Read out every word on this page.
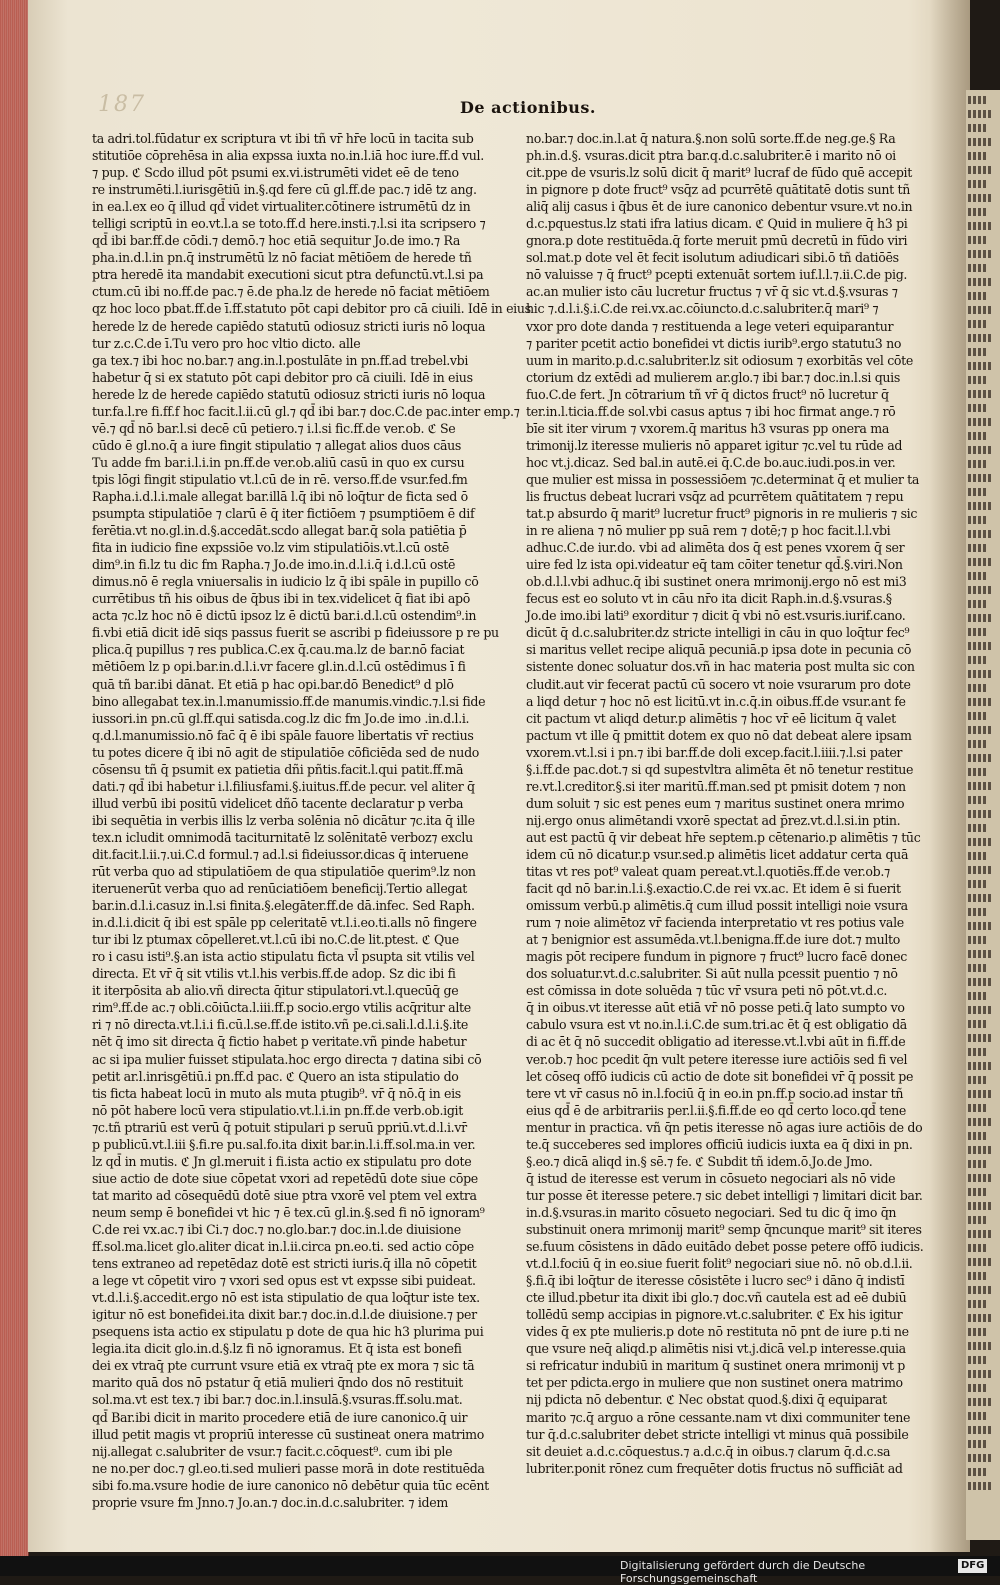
187	De actionibus.
ta adri.tol.fūdatur ex scriptura vt ibi tñ vr̄ hr̄e locū in tacita sub
stitutiōe cōprehēsa in alia expssa iuxta no.in.l.iā hoc iure.ff.d vul.
⁊ pup. ℭ Scdo illud pōt psumi ex.vi.istrumēti videt eē de teno
re instrumēti.l.iurisgētiū in.§.qd fere cū gl.ff.de pac.⁊ idē tz ang.
in ea.l.ex eo q̄ illud qd̄ videt virtualiter.cōtinere istrumētū dz in
telligi scriptū in eo.vt.l.a se toto.ff.d here.insti.⁊.l.si ita scripsero ⁊
qd̄ ibi bar.ff.de cōdi.⁊ demō.⁊ hoc etiā sequitur Jo.de imo.⁊ Ra
pha.in.d.l.in pn.q̄ instrumētū lz nō faciat mētiōem de herede tñ
ptra heredē ita mandabit executioni sicut ptra defunctū.vt.l.si pa
ctum.cū ibi no.ff.de pac.⁊ ē.de pha.lz de herede nō faciat mētiōem
qz hoc loco pbat.ff.de ī.ff.statuto pōt capi debitor pro cā ciuili. Idē in eius
herede lz de herede capiēdo statutū odiosuz stricti iuris nō loqua
tur z.c.C.de ī.Tu vero pro hoc vltio dicto. alle
ga tex.⁊ ibi hoc no.bar.⁊ ang.in.l.postulāte in pn.ff.ad trebel.vbi
habetur q̄ si ex statuto pōt capi debitor pro cā ciuili. Idē in eius
herede lz de herede capiēdo statutū odiosuz stricti iuris nō loqua
tur.fa.l.re fi.ff.f hoc facit.l.ii.cū gl.⁊ qd̄ ibi bar.⁊ doc.C.de pac.inter emp.⁊
vē.⁊ qd̄ nō bar.l.si decē cū petiero.⁊ i.l.si fic.ff.de ver.ob. ℭ Se
cūdo ē gl.no.q̄ a iure fingit stipulatio ⁊ allegat alios duos cāus
Tu adde fm bar.i.l.i.in pn.ff.de ver.ob.aliū casū in quo ex cursu
tpis lōgi fingit stipulatio vt.l.cū de in rē. verso.ff.de vsur.fed.fm
Rapha.i.d.l.i.male allegat bar.illā l.q̄ ibi nō loq̄tur de ficta sed ō
psumpta stipulatiōe ⁊ clarū ē q̄ iter fictiōem ⁊ psumptiōem ē dif
ferētia.vt no.gl.in.d.§.accedāt.scdo allegat bar.q̄ sola patiētia p̄
fita in iudicio fine expssiōe vo.lz vim stipulatiōis.vt.l.cū ostē
dim⁹.in fi.lz tu dic fm Rapha.⁊ Jo.de imo.in.d.l.i.q̄ i.d.l.cū ostē
dimus.nō ē regla vniuersalis in iudicio lz q̄ ibi spāle in pupillo cō
currētibus tñ his oibus de q̄bus ibi in tex.videlicet q̄ fiat ibi apō
acta ⁊c.lz hoc nō ē dictū ipsoz lz ē dictū bar.i.d.l.cū ostendim⁹.in
fi.vbi etiā dicit idē siqs passus fuerit se ascribi p fideiussore p re pu
plica.q̄ pupillus ⁊ res publica.C.ex q̄.cau.ma.lz de bar.nō faciat
mētiōem lz p opi.bar.in.d.l.i.vr facere gl.in.d.l.cū ostēdimus ī fi
quā tñ bar.ibi dānat. Et etiā p hac opi.bar.dō Benedict⁹ d plō
bino allegabat tex.in.l.manumissio.ff.de manumis.vindic.⁊.l.si fide
iussori.in pn.cū gl.ff.qui satisda.cog.lz dic fm Jo.de imo .in.d.l.i.
q.d.l.manumissio.nō fac̄ q̄ ē ibi spāle fauore libertatis vr̄ rectius
tu potes dicere q̄ ibi nō agit de stipulatiōe cōficiēda sed de nudo
cōsensu tñ q̄ psumit ex patietia dñi pñtis.facit.l.qui patit.ff.mā
dati.⁊ qd̄ ibi habetur i.l.filiusfami.§.iuitus.ff.de pecur. vel aliter q̄
illud verbū ibi positū videlicet dñō tacente declaratur p verba
ibi sequētia in verbis illis lz verba solēnia nō dicātur ⁊c.ita q̄ ille
tex.n icludit omnimodā taciturnitatē lz solēnitatē verboz⁊ exclu
dit.facit.l.ii.⁊.ui.C.d formul.⁊ ad.l.si fideiussor.dicas q̄ interuene
rūt verba quo ad stipulatiōem de qua stipulatiōe querim⁹.lz non
iteruenerūt verba quo ad renūciatiōem beneficij.Tertio allegat
bar.in.d.l.i.casuz in.l.si finita.§.elegāter.ff.de dā.infec. Sed Raph.
in.d.l.i.dicit q̄ ibi est spāle pp celeritatē vt.l.i.eo.ti.alls nō fingere
tur ibi lz ptumax cōpelleret.vt.l.cū ibi no.C.de lit.ptest. ℭ Que
ro i casu isti⁹.§.an ista actio stipulatu ficta vl̄ psupta sit vtilis vel
directa. Et vr̄ q̄ sit vtilis vt.l.his verbis.ff.de adop. Sz dic ibi fi
it iterpōsita ab alio.vñ directa q̄itur stipulatori.vt.l.quecūq̄ ge
rim⁹.ff.de ac.⁊ obli.cōiūcta.l.iii.ff.p socio.ergo vtilis acq̄ritur alte
ri ⁊ nō directa.vt.l.i.i fi.cū.l.se.ff.de istito.vñ pe.ci.sali.l.d.l.i.§.ite
nēt q̄ imo sit directa q̄ fictio habet p veritate.vñ pinde habetur
ac si ipa mulier fuisset stipulata.hoc ergo directa ⁊ datina sibi cō
petit ar.l.inrisgētiū.i pn.ff.d pac. ℭ Quero an ista stipulatio do
tis ficta habeat locū in muto als muta ptugib⁹. vr̄ q̄ nō.q̄ in eis
nō pōt habere locū vera stipulatio.vt.l.i.in pn.ff.de verb.ob.igit
⁊c.tñ ptrariū est verū q̄ potuit stipulari p seruū ppriū.vt.d.l.i.vr̄
p publicū.vt.l.iii §.fi.re pu.sal.fo.ita dixit bar.in.l.i.ff.sol.ma.in ver.
lz qd̄ in mutis. ℭ Jn gl.meruit i fi.ista actio ex stipulatu pro dote
siue actio de dote siue cōpetat vxori ad repetēdū dote siue cōpe
tat marito ad cōsequēdū dotē siue ptra vxorē vel ptem vel extra
neum semp ē bonefidei vt hic ⁊ ē tex.cū gl.in.§.sed fi nō ignoram⁹
C.de rei vx.ac.⁊ ibi Ci.⁊ doc.⁊ no.glo.bar.⁊ doc.in.l.de diuisione
ff.sol.ma.licet glo.aliter dicat in.l.ii.circa pn.eo.ti. sed actio cōpe
tens extraneo ad repetēdaz dotē est stricti iuris.q̄ illa nō cōpetit
a lege vt cōpetit viro ⁊ vxori sed opus est vt expsse sibi puideat.
vt.d.l.i.§.accedit.ergo nō est ista stipulatio de qua loq̄tur iste tex.
igitur nō est bonefidei.ita dixit bar.⁊ doc.in.d.l.de diuisione.⁊ per
psequens ista actio ex stipulatu p dote de qua hic h3 plurima pui
legia.ita dicit glo.in.d.§.lz fi nō ignoramus. Et q̄ ista est bonefi
dei ex vtraq̄ pte currunt vsure etiā ex vtraq̄ pte ex mora ⁊ sic tā
marito quā dos nō pstatur q̄ etiā mulieri q̄ndo dos nō restituit
sol.ma.vt est tex.⁊ ibi bar.⁊ doc.in.l.insulā.§.vsuras.ff.solu.mat.
qd̄ Bar.ibi dicit in marito procedere etiā de iure canonico.q̄ uir
illud petit magis vt propriū interesse cū sustineat onera matrimo
nij.allegat c.salubriter de vsur.⁊ facit.c.cōquest⁹. cum ibi ple
ne no.per doc.⁊ gl.eo.ti.sed mulieri passe morā in dote restituēda
sibi fo.ma.vsure hodie de iure canonico nō debētur quia tūc ecēnt
proprie vsure fm Jnno.⁊ Jo.an.⁊ doc.in.d.c.salubriter. ⁊ idem
no.bar.⁊ doc.in.l.at q̄ natura.§.non solū sorte.ff.de neg.ge.§ Ra
ph.in.d.§. vsuras.dicit ptra bar.q.d.c.salubriter.ē i marito nō oi
cit.ppe de vsuris.lz solū dicit q̄ marit⁹ lucraf de fūdo quē accepit
in pignore p dote fruct⁹ vsq̄z ad pcurrētē quātitatē dotis sunt tñ
aliq̄ alij casus i q̄bus ēt de iure canonico debentur vsure.vt no.in
d.c.pquestus.lz stati ifra latius dicam. ℭ Quid in muliere q̄ h3 pi
gnora.p dote restituēda.q̄ forte meruit pmū decretū in fūdo viri
sol.mat.p dote vel ēt fecit isolutum adiudicari sibi.ō tñ datiōēs
nō valuisse ⁊ q̄ fruct⁹ pcepti extenuāt sortem iuf.l.l.⁊.ii.C.de pig.
ac.an mulier isto cāu lucretur fructus ⁊ vr̄ q̄ sic vt.d.§.vsuras ⁊
hic ⁊.d.l.i.§.i.C.de rei.vx.ac.cōiuncto.d.c.salubriter.q̄ mari⁹ ⁊
vxor pro dote danda ⁊ restituenda a lege veteri equiparantur
⁊ pariter pcetit actio bonefidei vt dictis iurib⁹.ergo statutu3 no
uum in marito.p.d.c.salubriter.lz sit odiosum ⁊ exorbitās vel cōte
ctorium dz extēdi ad mulierem ar.glo.⁊ ibi bar.⁊ doc.in.l.si quis
fuo.C.de fert. Jn cōtrarium tñ vr̄ q̄ dictos fruct⁹ nō lucretur q̄
ter.in.l.ticia.ff.de sol.vbi casus aptus ⁊ ibi hoc firmat ange.⁊ rō
bīe sit iter virum ⁊ vxorem.q̄ maritus h3 vsuras pp onera ma
trimonij.lz iteresse mulieris nō apparet igitur ⁊c.vel tu rūde ad
hoc vt.j.dicaz. Sed bal.in autē.ei q̄.C.de bo.auc.iudi.pos.in ver.
que mulier est missa in possessiōem ⁊c.determinat q̄ et mulier ta
lis fructus debeat lucrari vsq̄z ad pcurrētem quātitatem ⁊ repu
tat.p absurdo q̄ marit⁹ lucretur fruct⁹ pignoris in re mulieris ⁊ sic
in re aliena ⁊ nō mulier pp suā rem ⁊ dotē;⁊ p hoc facit.l.l.vbi
adhuc.C.de iur.do. vbi ad alimēta dos q̄ est penes vxorem q̄ ser
uire fed lz ista opi.videatur eq̄ tam cōiter tenetur qd̄.§.viri.Non
ob.d.l.l.vbi adhuc.q̄ ibi sustinet onera mrimonij.ergo nō est mi3
fecus est eo soluto vt in cāu nr̄o ita dicit Raph.in.d.§.vsuras.§
Jo.de imo.ibi lati⁹ exorditur ⁊ dicit q̄ vbi nō est.vsuris.iurif.cano.
dicūt q̄ d.c.salubriter.dz stricte intelligi in cāu in quo loq̄tur fec⁹
si maritus vellet recipe aliquā pecuniā.p ipsa dote in pecunia cō
sistente donec soluatur dos.vñ in hac materia post multa sic con
cludit.aut vir fecerat pactū cū socero vt noie vsurarum pro dote
a liqd detur ⁊ hoc nō est licitū.vt in.c.q̄.in oibus.ff.de vsur.ant fe
cit pactum vt aliqd detur.p alimētis ⁊ hoc vr̄ eē licitum q̄ valet
pactum vt ille q̄ pmittit dotem ex quo nō dat debeat alere ipsam
vxorem.vt.l.si i pn.⁊ ibi bar.ff.de doli excep.facit.l.iiii.⁊.l.si pater
§.i.ff.de pac.dot.⁊ si qd supestvltra alimēta ēt nō tenetur restitue
re.vt.l.creditor.§.si iter maritū.ff.man.sed pt pmisit dotem ⁊ non
dum soluit ⁊ sic est penes eum ⁊ maritus sustinet onera mrimo
nij.ergo onus alimētandi vxorē spectat ad p̄rez.vt.d.l.si.in ptin.
aut est pactū q̄ vir debeat hr̄e septem.p cētenario.p alimētis ⁊ tūc
idem cū nō dicatur.p vsur.sed.p alimētis licet addatur certa quā
titas vt res pot⁹ valeat quam pereat.vt.l.quotiēs.ff.de ver.ob.⁊
facit qd nō bar.in.l.i.§.exactio.C.de rei vx.ac. Et idem ē si fuerit
omissum verbū.p alimētis.q̄ cum illud possit intelligi noie vsura
rum ⁊ noie alimētoz vr̄ facienda interpretatio vt res potius vale
at ⁊ benignior est assumēda.vt.l.benigna.ff.de iure dot.⁊ multo
magis pōt recipere fundum in pignore ⁊ fruct⁹ lucro facē donec
dos soluatur.vt.d.c.salubriter. Si aūt nulla pcessit puentio ⁊ nō
est cōmissa in dote soluēda ⁊ tūc vr̄ vsura peti nō pōt.vt.d.c.
q̄ in oibus.vt iteresse aūt etiā vr̄ nō posse peti.q̄ lato sumpto vo
cabulo vsura est vt no.in.l.i.C.de sum.tri.ac ēt q̄ est obligatio dā
di ac ēt q̄ nō succedit obligatio ad iteresse.vt.l.vbi aūt in fi.ff.de
ver.ob.⁊ hoc pcedit q̄n vult petere iteresse iure actiōis sed fi vel
let cōseq offō iudicis cū actio de dote sit bonefidei vr̄ q̄ possit pe
tere vt vr̄ casus nō in.l.fociū q̄ in eo.in pn.ff.p socio.ad instar tñ
eius qd̄ ē de arbitrariis per.l.ii.§.fi.ff.de eo qd̄ certo loco.qd̄ tene
mentur in practica. vñ q̄n petis iteresse nō agas iure actiōis de do
te.q̄ succeberes sed implores officiū iudicis iuxta ea q̄ dixi in pn.
§.eo.⁊ dicā aliqd in.§ sē.⁊ fe. ℭ Subdit tñ idem.ō.Jo.de Jmo.
q̄ istud de iteresse est verum in cōsueto negociari als nō vide
tur posse ēt iteresse petere.⁊ sic debet intelligi ⁊ limitari dicit bar.
in.d.§.vsuras.in marito cōsueto negociari. Sed tu dic q̄ imo q̄n
substinuit onera mrimonij marit⁹ semp q̄ncunque marit⁹ sit iteres
se.fuum cōsistens in dādo euitādo debet posse petere offō iudicis.
vt.d.l.fociū q̄ in eo.siue fuerit folit⁹ negociari siue nō. nō ob.d.l.ii.
§.fi.q̄ ibi loq̄tur de iteresse cōsistēte i lucro sec⁹ i dāno q̄ indistī
cte illud.pbetur ita dixit ibi glo.⁊ doc.vñ cautela est ad eē dubiū
tollēdū semp accipias in pignore.vt.c.salubriter. ℭ Ex his igitur
vides q̄ ex pte mulieris.p dote nō restituta nō pnt de iure p.ti ne
que vsure neq̄ aliqd.p alimētis nisi vt.j.dicā vel.p interesse.quia
si refricatur indubiū in maritum q̄ sustinet onera mrimonij vt p
tet per pdicta.ergo in muliere que non sustinet onera matrimo
nij pdicta nō debentur. ℭ Nec obstat quod.§.dixi q̄ equiparat
marito ⁊c.q̄ arguo a rōne cessante.nam vt dixi communiter tene
tur q̄.d.c.salubriter debet stricte intelligi vt minus quā possibile
sit deuiet a.d.c.cōquestus.⁊ a.d.c.q̄ in oibus.⁊ clarum q̄.d.c.sa
lubriter.ponit rōnez cum frequēter dotis fructus nō sufficiāt ad
Digitalisierung gefördert durch die Deutsche Forschungsgemeinschaft
DFG
